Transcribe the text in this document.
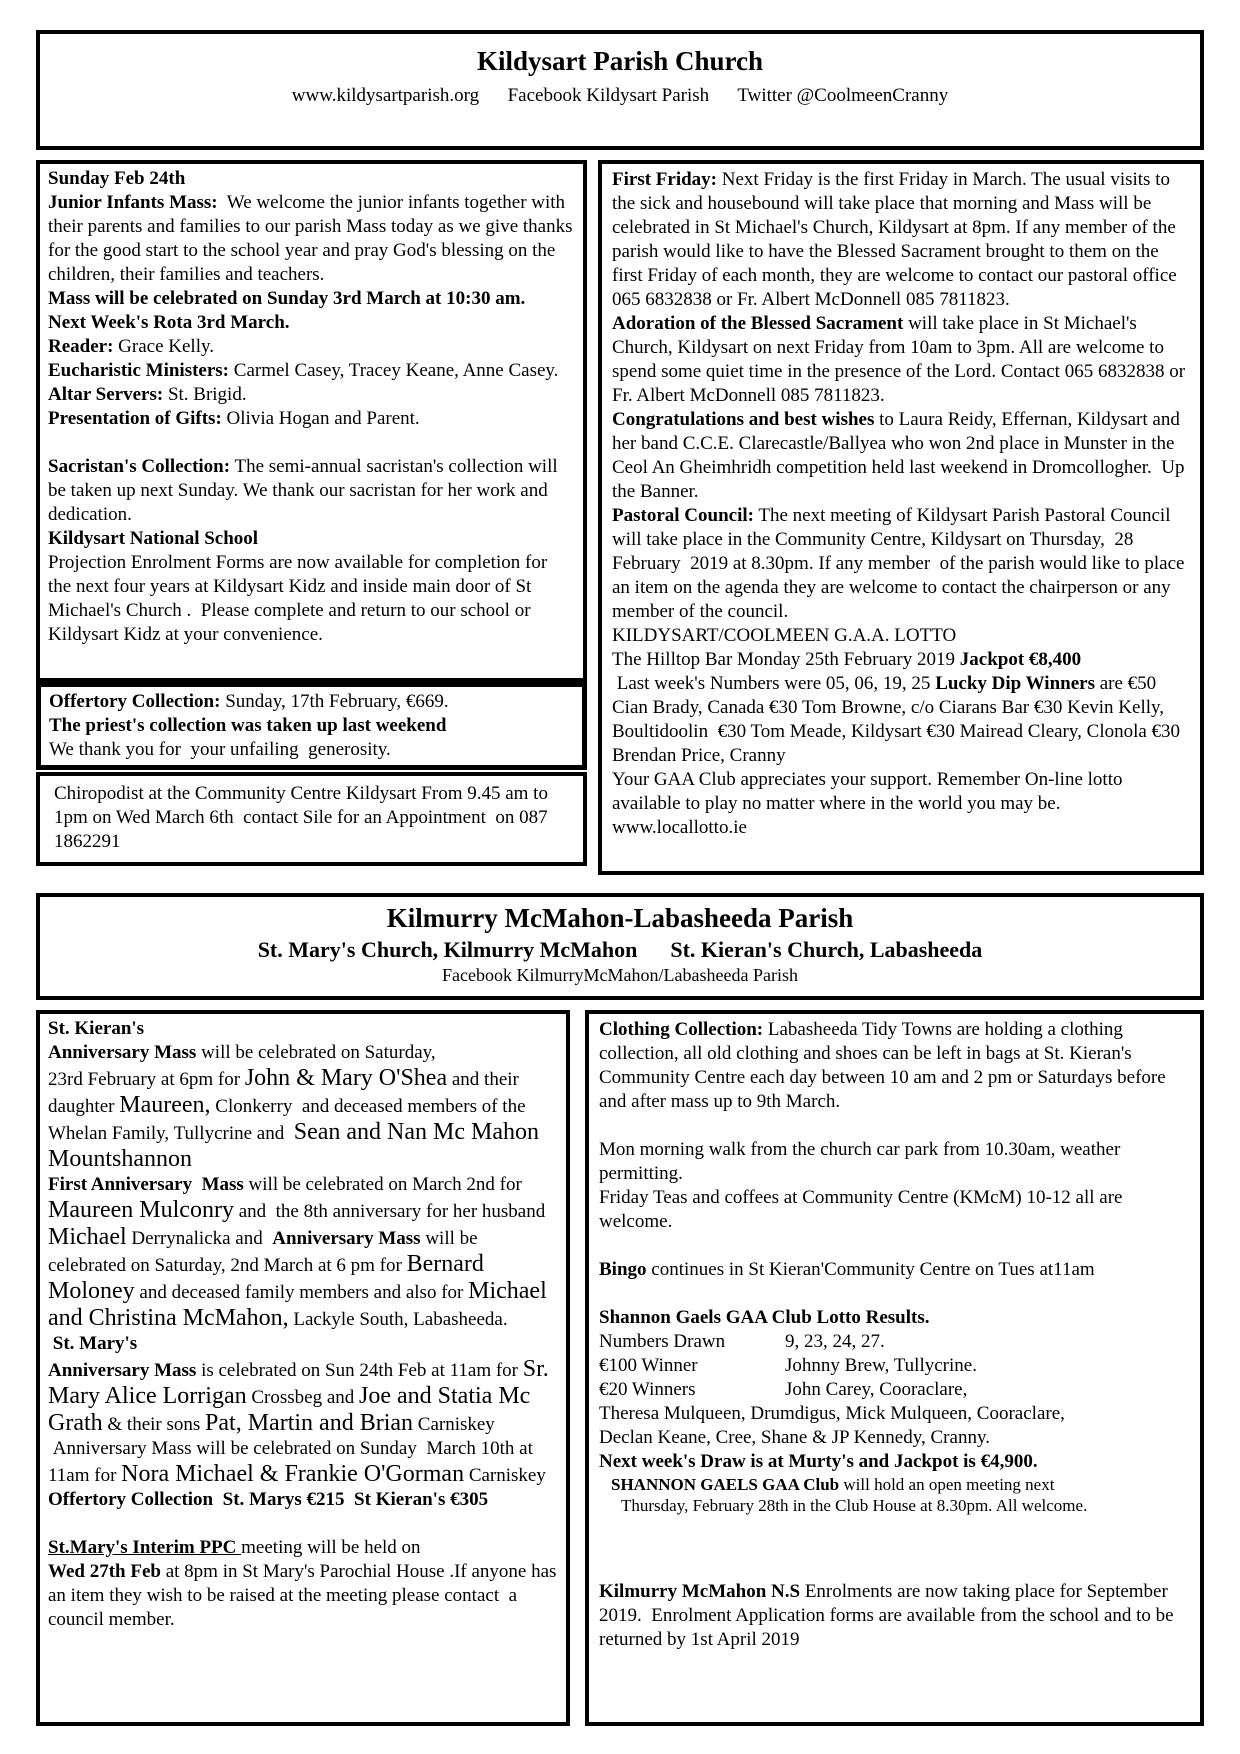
Kildysart Parish Church
www.kildysartparish.org      Facebook Kildysart Parish      Twitter @CoolmeenCranny

Sunday Feb 24th

Junior Infants Mass:  We welcome the junior infants together with their parents and families to our parish Mass today as we give thanks for the good start to the school year and pray God's blessing on the children, their families and teachers.

Mass will be celebrated on Sunday 3rd March at 10:30 am.

Next Week's Rota 3rd March.

Reader: Grace Kelly.

Eucharistic Ministers: Carmel Casey, Tracey Keane, Anne Casey.

Altar Servers: St. Brigid.

Presentation of Gifts: Olivia Hogan and Parent.

Sacristan's Collection: The semi-annual sacristan's collection will be taken up next Sunday. We thank our sacristan for her work and dedication.

Kildysart National School

Projection Enrolment Forms are now available for completion for the next four years at Kildysart Kidz and inside main door of St Michael's Church .  Please complete and return to our school or Kildysart Kidz at your convenience.

Offertory Collection: Sunday, 17th February, €669.

The priest's collection was taken up last weekend

We thank you for  your unfailing  generosity.

Chiropodist at the Community Centre Kildysart From 9.45 am to  1pm on Wed March 6th  contact Sile for an Appointment  on 087 1862291

First Friday: Next Friday is the first Friday in March. The usual visits to the sick and housebound will take place that morning and Mass will be celebrated in St Michael's Church, Kildysart at 8pm. If any member of the parish would like to have the Blessed Sacrament brought to them on the first Friday of each month, they are welcome to contact our pastoral office 065 6832838 or Fr. Albert McDonnell 085 7811823.

Adoration of the Blessed Sacrament will take place in St Michael's Church, Kildysart on next Friday from 10am to 3pm. All are welcome to spend some quiet time in the presence of the Lord. Contact 065 6832838 or Fr. Albert McDonnell 085 7811823.

Congratulations and best wishes to Laura Reidy, Effernan, Kildysart and her band C.C.E. Clarecastle/Ballyea who won 2nd place in Munster in the Ceol An Gheimhridh competition held last weekend in Dromcollogher.  Up the Banner.

Pastoral Council: The next meeting of Kildysart Parish Pastoral Council will take place in the Community Centre, Kildysart on Thursday,  28 February  2019 at 8.30pm. If any member  of the parish would like to place an item on the agenda they are welcome to contact the chairperson or any member of the council.

KILDYSART/COOLMEEN G.A.A. LOTTO

The Hilltop Bar Monday 25th February 2019 Jackpot €8,400

Last week's Numbers were 05, 06, 19, 25 Lucky Dip Winners are €50 Cian Brady, Canada €30 Tom Browne, c/o Ciarans Bar €30 Kevin Kelly, Boultidoolin  €30 Tom Meade, Kildysart €30 Mairead Cleary, Clonola €30 Brendan Price, Cranny

Your GAA Club appreciates your support. Remember On-line lotto available to play no matter where in the world you may be.

www.locallotto.ie

Kilmurry McMahon-Labasheeda Parish
St. Mary's Church, Kilmurry McMahon      St. Kieran's Church, Labasheeda
Facebook KilmurryMcMahon/Labasheeda Parish

St. Kieran's

Anniversary Mass will be celebrated on Saturday,

23rd February at 6pm for John & Mary O'Shea and their daughter Maureen, Clonkerry  and deceased members of the Whelan Family, Tullycrine and  Sean and Nan Mc Mahon Mountshannon

First Anniversary  Mass will be celebrated on March 2nd for Maureen Mulconry and  the 8th anniversary for her husband Michael Derrynalicka and  Anniversary Mass will be celebrated on Saturday, 2nd March at 6 pm for Bernard Moloney and deceased family members and also for Michael and Christina McMahon, Lackyle South, Labasheeda.

St. Mary's

Anniversary Mass is celebrated on Sun 24th Feb at 11am for Sr. Mary Alice Lorrigan Crossbeg and Joe and Statia Mc Grath & their sons Pat, Martin and Brian Carniskey

Anniversary Mass will be celebrated on Sunday  March 10th at 11am for Nora Michael & Frankie O'Gorman Carniskey

Offertory Collection  St. Marys €215  St Kieran's €305

St.Mary's Interim PPC meeting will be held on

Wed 27th Feb at 8pm in St Mary's Parochial House .If anyone has an item they wish to be raised at the meeting please contact  a council member.

Clothing Collection: Labasheeda Tidy Towns are holding a clothing collection, all old clothing and shoes can be left in bags at St. Kieran's Community Centre each day between 10 am and 2 pm or Saturdays before and after mass up to 9th March.

Mon morning walk from the church car park from 10.30am, weather permitting.

Friday Teas and coffees at Community Centre (KMcM) 10-12 all are welcome.

Bingo continues in St Kieran'Community Centre on Tues at11am

Shannon Gaels GAA Club Lotto Results.

Numbers Drawn	9, 23, 24, 27.

€100 Winner	Johnny Brew, Tullycrine.

€20 Winners	John Carey, Cooraclare,

Theresa Mulqueen, Drumdigus, Mick Mulqueen, Cooraclare,

Declan Keane, Cree, Shane & JP Kennedy, Cranny.

Next week's Draw is at Murty's and Jackpot is €4,900.

SHANNON GAELS GAA Club will hold an open meeting next

Thursday, February 28th in the Club House at 8.30pm. All welcome.

Kilmurry McMahon N.S Enrolments are now taking place for September 2019.  Enrolment Application forms are available from the school and to be returned by 1st April 2019
